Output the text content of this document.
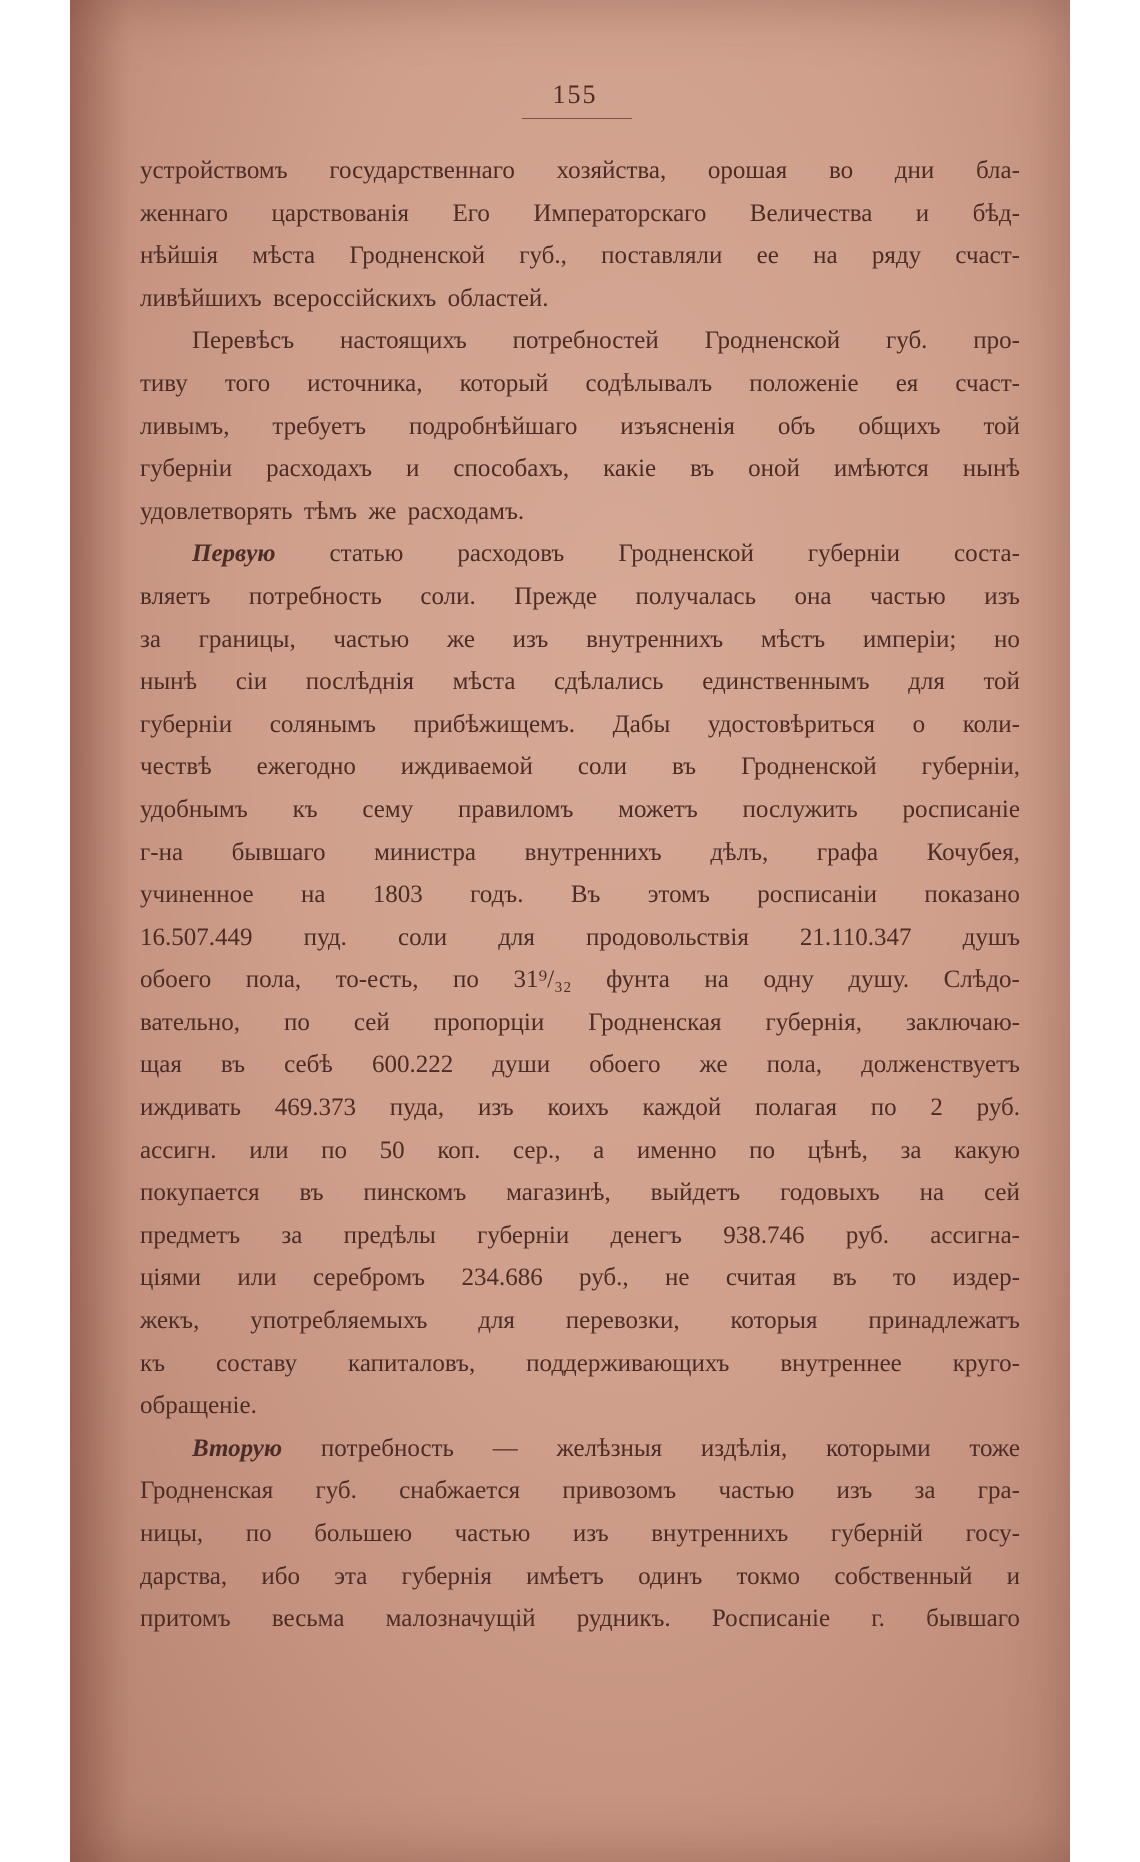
155
устройствомъ государственнаго хозяйства, орошая во дни бла-
женнаго царствованія Его Императорскаго Величества и бѣд-
нѣйшія мѣста Гродненской губ., поставляли ее на ряду счаст-
ливѣйшихъ всероссійскихъ областей.
Перевѣсъ настоящихъ потребностей Гродненской губ. про-
тиву того источника, который содѣлывалъ положеніе ея счаст-
ливымъ, требуетъ подробнѣйшаго изъясненія объ общихъ той
губерніи расходахъ и способахъ, какіе въ оной имѣются нынѣ
удовлетворять тѣмъ же расходамъ.
Первую статью расходовъ Гродненской губерніи соста-
вляетъ потребность соли. Прежде получалась она частью изъ
за границы, частью же изъ внутреннихъ мѣстъ имперіи; но
нынѣ сіи послѣднія мѣста сдѣлались единственнымъ для той
губерніи солянымъ прибѣжищемъ. Дабы удостовѣриться о коли-
чествѣ ежегодно иждиваемой соли въ Гродненской губерніи,
удобнымъ къ сему правиломъ можетъ послужить росписаніе
г-на бывшаго министра внутреннихъ дѣлъ, графа Кочубея,
учиненное на 1803 годъ. Въ этомъ росписаніи показано
16.507.449 пуд. соли для продовольствія 21.110.347 душъ
обоего пола, то-есть, по 31⁹/₃₂ фунта на одну душу. Слѣдо-
вательно, по сей пропорціи Гродненская губернія, заключаю-
щая въ себѣ 600.222 души обоего же пола, долженствуетъ
иждивать 469.373 пуда, изъ коихъ каждой полагая по 2 руб.
ассигн. или по 50 коп. сер., а именно по цѣнѣ, за какую
покупается въ пинскомъ магазинѣ, выйдетъ годовыхъ на сей
предметъ за предѣлы губерніи денегъ 938.746 руб. ассигна-
ціями или серебромъ 234.686 руб., не считая въ то издер-
жекъ, употребляемыхъ для перевозки, которыя принадлежатъ
къ составу капиталовъ, поддерживающихъ внутреннее круго-
обращеніе.
Вторую потребность — желѣзныя издѣлія, которыми тоже
Гродненская губ. снабжается привозомъ частью изъ за гра-
ницы, по большею частью изъ внутреннихъ губерній госу-
дарства, ибо эта губернія имѣетъ одинъ токмо собственный и
притомъ весьма малозначущій рудникъ. Росписаніе г. бывшаго
